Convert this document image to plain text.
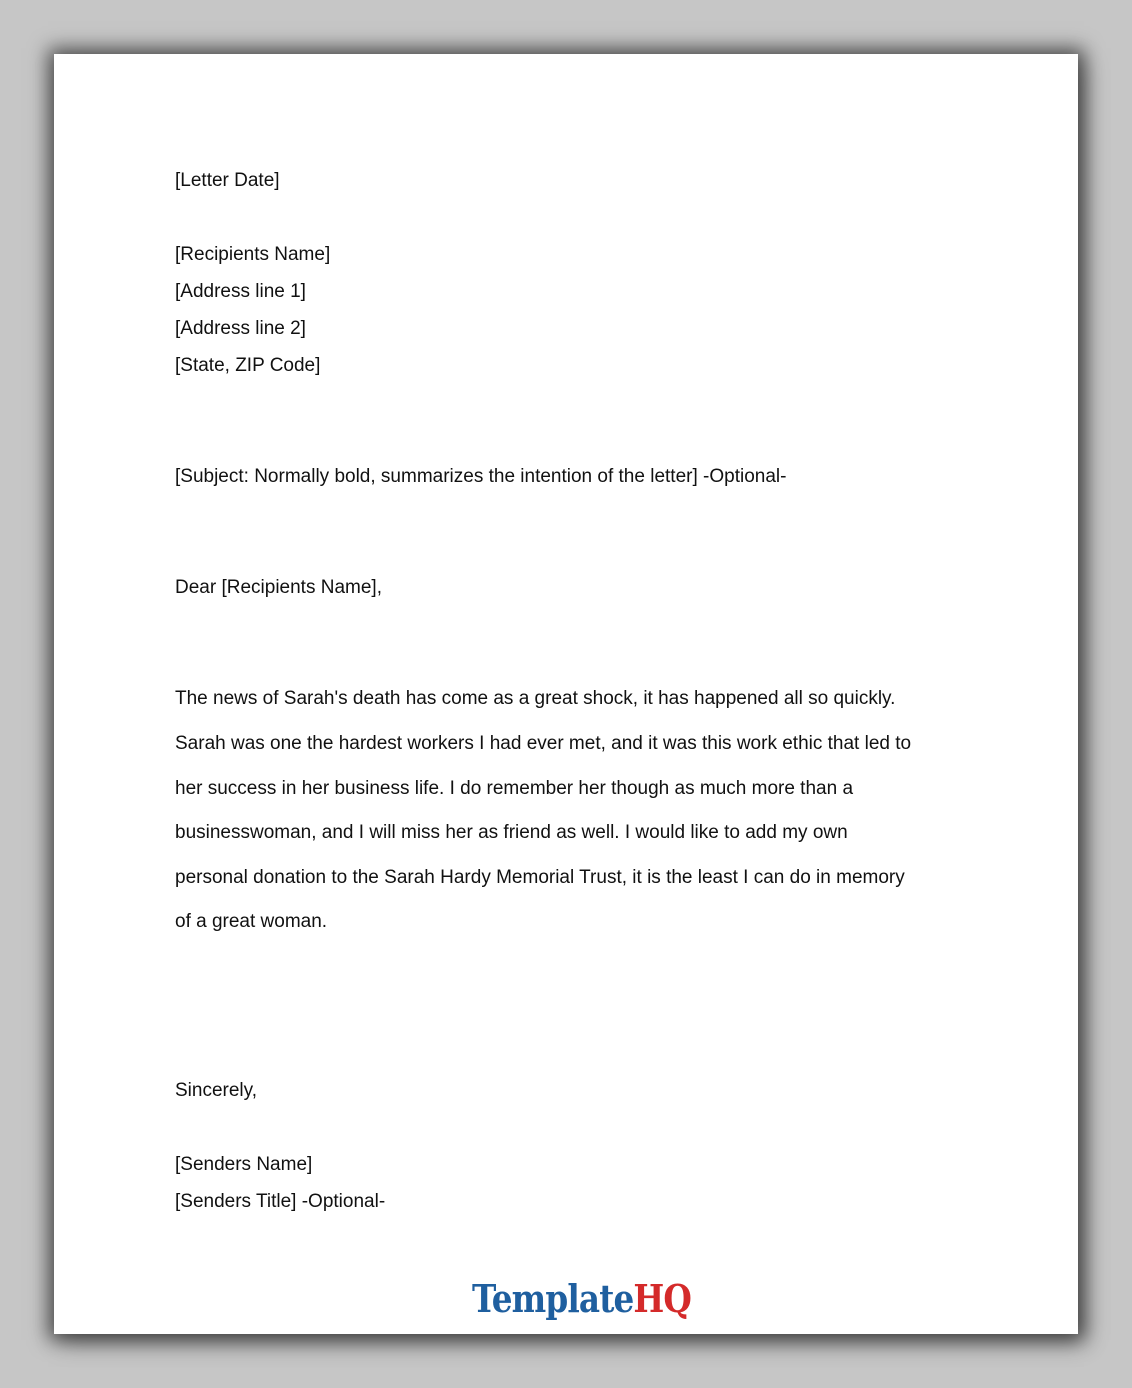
[Letter Date]

[Recipients Name]

[Address line 1]

[Address line 2]

[State, ZIP Code]

[Subject: Normally bold, summarizes the intention of the letter] -Optional-

Dear [Recipients Name],

The news of Sarah's death has come as a great shock, it has happened all so quickly.

Sarah was one the hardest workers I had ever met, and it was this work ethic that led to

her success in her business life. I do remember her though as much more than a

businesswoman, and I will miss her as friend as well. I would like to add my own

personal donation to the Sarah Hardy Memorial Trust, it is the least I can do in memory

of a great woman.

Sincerely,

[Senders Name]

[Senders Title] -Optional-

TemplateHQ
